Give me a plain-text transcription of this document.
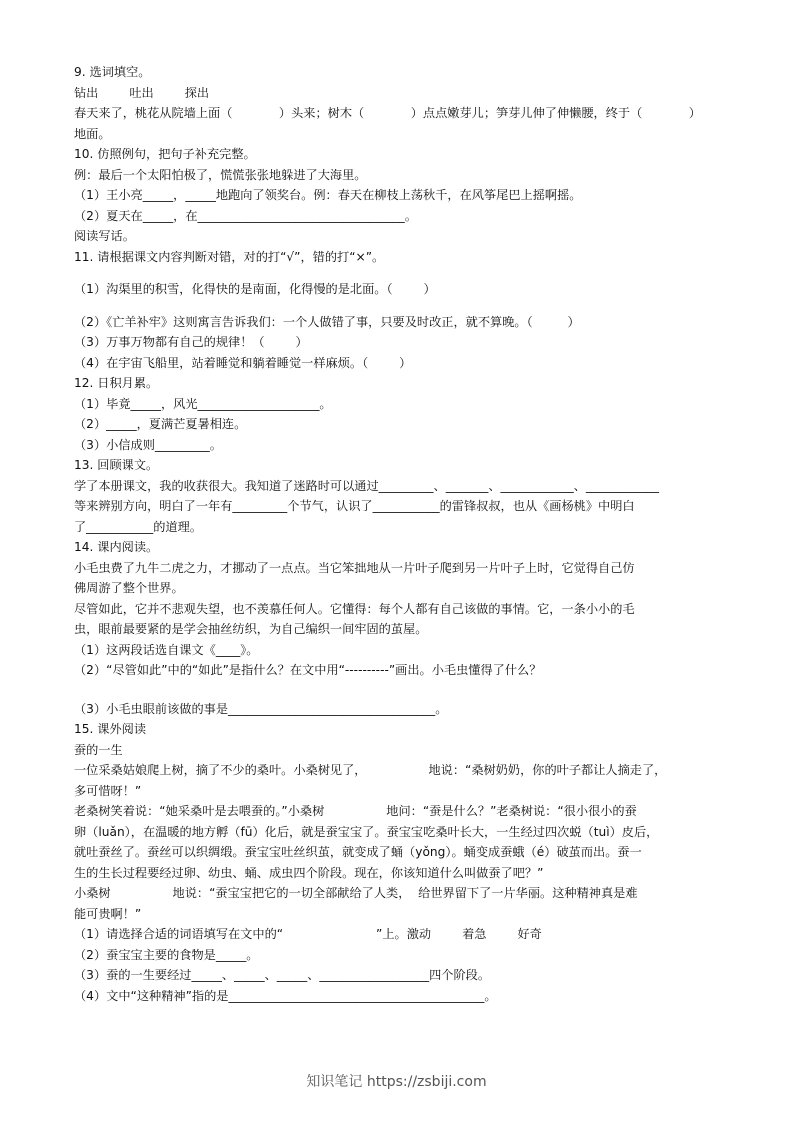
9. 选词填空。
钻出        吐出        探出
春天来了，桃花从院墙上面（            ）头来；树木（            ）点点嫩芽儿；笋芽儿伸了伸懒腰，终于（            ）
地面。
10. 仿照例句，把句子补充完整。
例：最后一个太阳怕极了，慌慌张张地躲进了大海里。
（1）王小亮_____，_____地跑向了领奖台。例：春天在柳枝上荡秋千，在风筝尾巴上摇啊摇。
（2）夏天在_____，在__________________________________。
阅读写话。
11. 请根据课文内容判断对错，对的打“√”，错的打“×”。
（1）沟渠里的积雪，化得快的是南面，化得慢的是北面。（        ）
（2）《亡羊补牢》这则寓言告诉我们：一个人做错了事，只要及时改正，就不算晚。（         ）
（3）万事万物都有自己的规律！（        ）
（4）在宇宙飞船里，站着睡觉和躺着睡觉一样麻烦。（        ）
12. 日积月累。
（1）毕竟_____，风光____________________。
（2）_____，夏满芒夏暑相连。
（3）小信成则_________。
13. 回顾课文。
学了本册课文，我的收获很大。我知道了迷路时可以通过_________、_______、____________、____________
等来辨别方向，明白了一年有_________个节气，认识了___________的雷锋叔叔，也从《画杨桃》中明白
了___________的道理。
14. 课内阅读。
小毛虫费了九牛二虎之力，才挪动了一点点。当它笨拙地从一片叶子爬到另一片叶子上时，它觉得自己仿
佛周游了整个世界。
尽管如此，它并不悲观失望，也不羡慕任何人。它懂得：每个人都有自己该做的事情。它，一条小小的毛
虫，眼前最要紧的是学会抽丝纺织，为自己编织一间牢固的茧屋。
（1）这两段话选自课文《____》。
（2）“尽管如此”中的“如此”是指什么？在文中用“----------”画出。小毛虫懂得了什么？
（3）小毛虫眼前该做的事是__________________________________。
15. 课外阅读
蚕的一生
一位采桑姑娘爬上树，摘了不少的桑叶。小桑树见了，                地说：“桑树奶奶，你的叶子都让人摘走了，
多可惜呀！”
老桑树笑着说：“她采桑叶是去喂蚕的。”小桑树                地问：“蚕是什么？”老桑树说：“很小很小的蚕
卵（luǎn），在温暖的地方孵（fū）化后，就是蚕宝宝了。蚕宝宝吃桑叶长大，一生经过四次蜕（tuì）皮后，
就吐蚕丝了。蚕丝可以织绸缎。蚕宝宝吐丝织茧，就变成了蛹（yǒng）。蛹变成蚕蛾（é）破茧而出。蚕一
生的生长过程要经过卵、幼虫、蛹、成虫四个阶段。现在，你该知道什么叫做蚕了吧？”
小桑树                地说：“蚕宝宝把它的一切全部献给了人类，  给世界留下了一片华丽。这种精神真是难
能可贵啊！”
（1）请选择合适的词语填写在文中的“                        ”上。激动        着急        好奇
（2）蚕宝宝主要的食物是_____。
（3）蚕的一生要经过_____、_____、_____、__________________四个阶段。
（4）文中“这种精神”指的是__________________________________________。
知识笔记 https://zsbiji.com
